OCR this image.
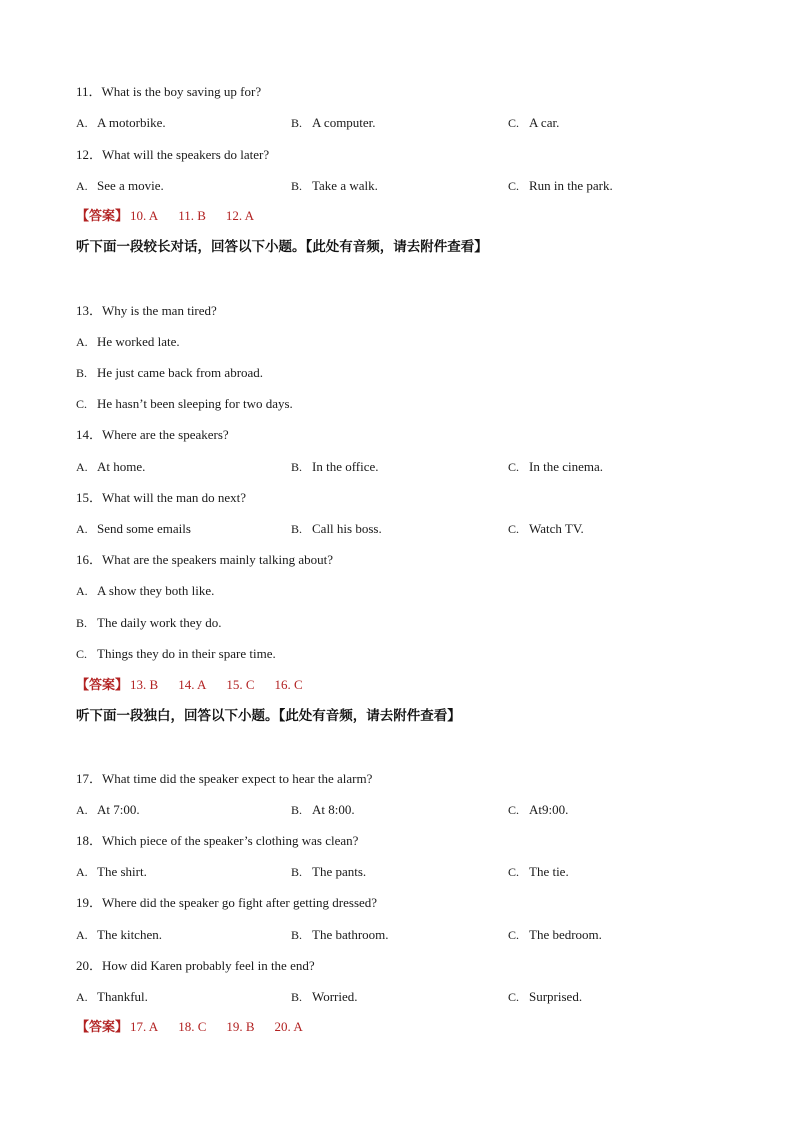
11．What is the boy saving up for?
A. A motorbike.	B. A computer.	C. A car.
12．What will the speakers do later?
A. See a movie.	B. Take a walk.	C. Run in the park.
【答案】 10. A 11. B 12. A
听下面一段较长对话，回答以下小题。【此处有音频，请去附件查看】
13．Why is the man tired?
A. He worked late.
B. He just came back from abroad.
C. He hasn’t been sleeping for two days.
14．Where are the speakers?
A. At home.	B. In the office.	C. In the cinema.
15．What will the man do next?
A. Send some emails	B. Call his boss.	C. Watch TV.
16．What are the speakers mainly talking about?
A. A show they both like.
B. The daily work they do.
C. Things they do in their spare time.
【答案】 13. B 14. A 15. C 16. C
听下面一段独白，回答以下小题。【此处有音频，请去附件查看】
17．What time did the speaker expect to hear the alarm?
A. At 7:00.	B. At 8:00.	C. At9:00.
18．Which piece of the speaker’s clothing was clean?
A. The shirt.	B. The pants.	C. The tie.
19．Where did the speaker go fight after getting dressed?
A. The kitchen.	B. The bathroom.	C. The bedroom.
20．How did Karen probably feel in the end?
A. Thankful.	B. Worried.	C. Surprised.
【答案】 17. A 18. C 19. B 20. A
